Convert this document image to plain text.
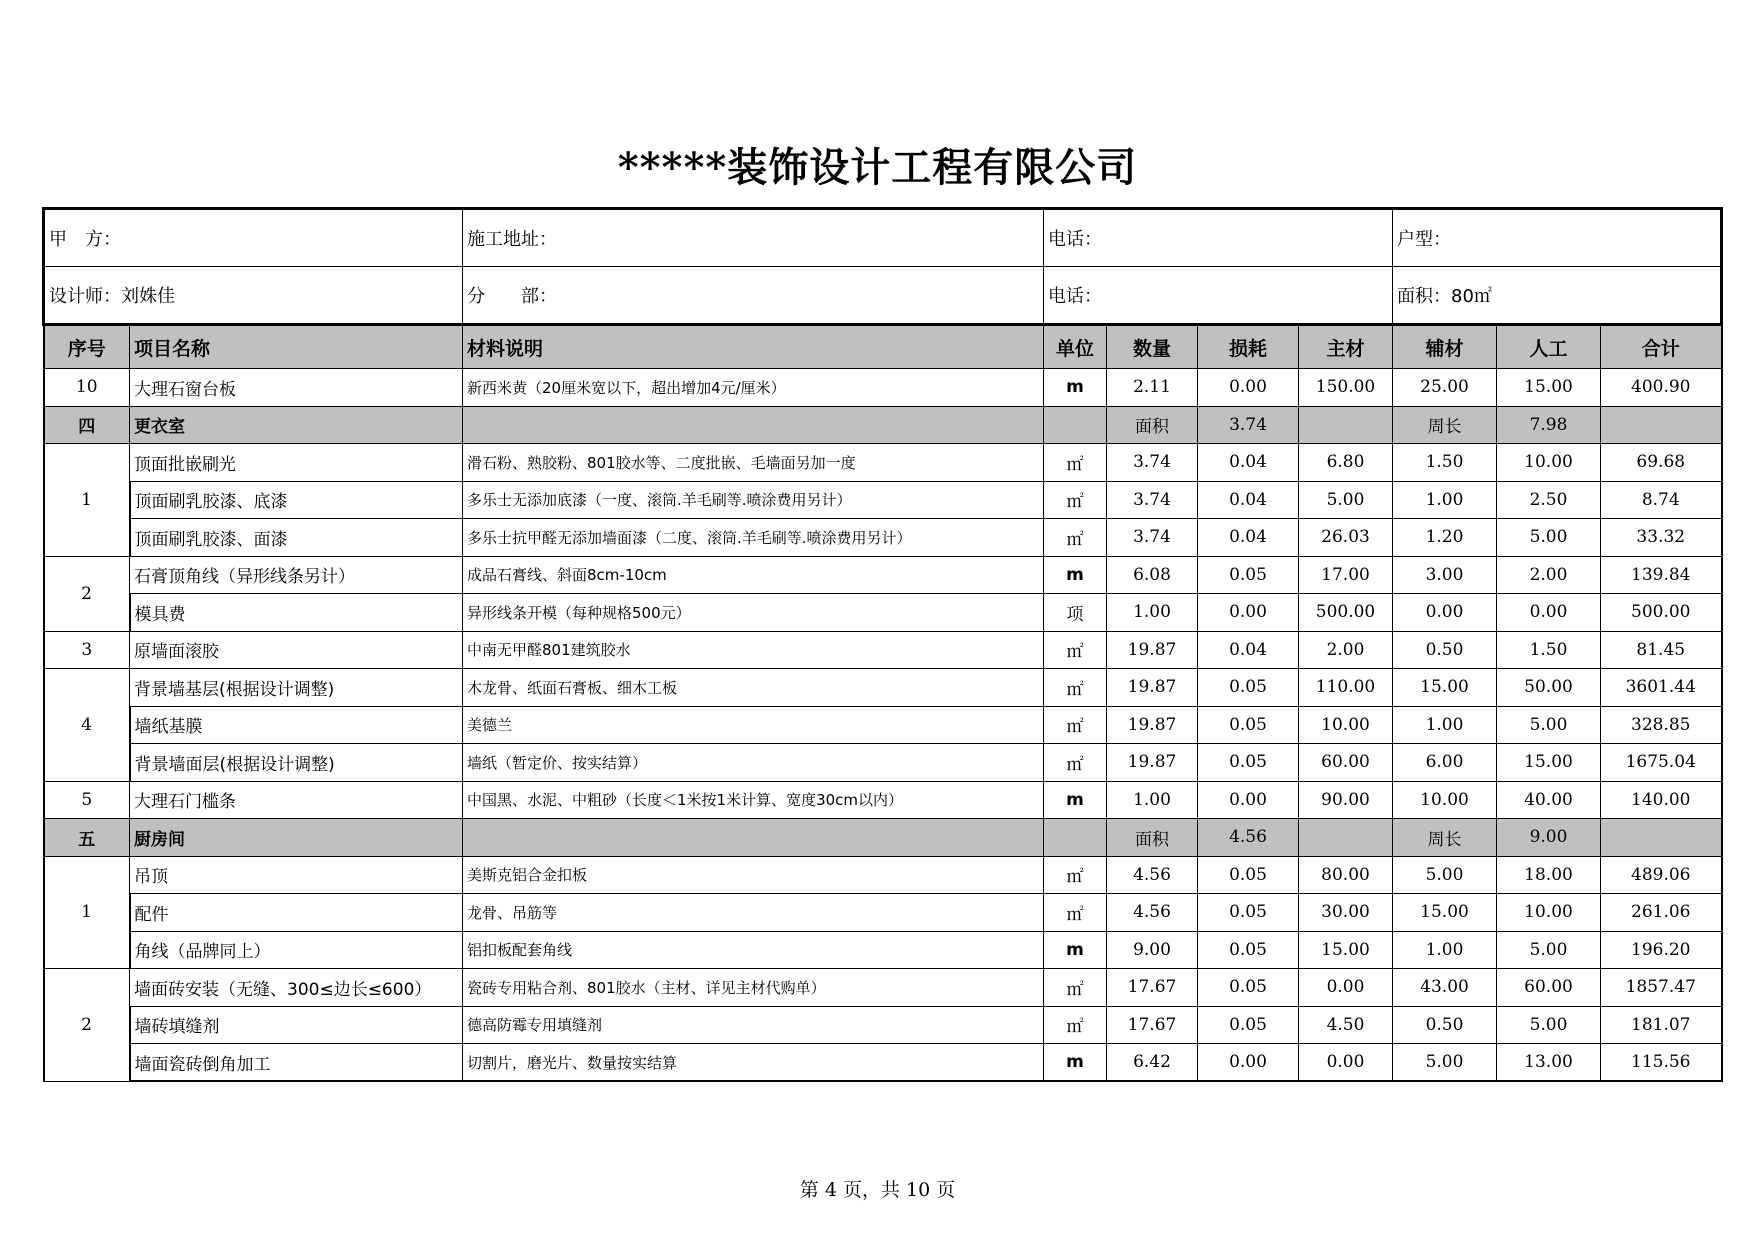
*****装饰设计工程有限公司
甲　方：		施工地址：	电话：				户型：		
设计师：刘姝佳		分　　部：	电话：				面积：80㎡		
序号	项目名称	材料说明	单位	数量	损耗	主材	辅材	人工	合计
10	大理石窗台板	新西米黄（20厘米宽以下，超出增加4元/厘米）	m	2.11	0.00	150.00	25.00	15.00	400.90
四	更衣室			面积	3.74		周长	7.98	
1	顶面批嵌刷光	滑石粉、熟胶粉、801胶水等、二度批嵌、毛墙面另加一度	㎡	3.74	0.04	6.80	1.50	10.00	69.68
	顶面刷乳胶漆、底漆	多乐士无添加底漆（一度、滚筒.羊毛刷等.喷涂费用另计）	㎡	3.74	0.04	5.00	1.00	2.50	8.74
	顶面刷乳胶漆、面漆	多乐士抗甲醛无添加墙面漆（二度、滚筒.羊毛刷等.喷涂费用另计）	㎡	3.74	0.04	26.03	1.20	5.00	33.32
2	石膏顶角线（异形线条另计）	成品石膏线、斜面8cm-10cm	m	6.08	0.05	17.00	3.00	2.00	139.84
	模具费	异形线条开模（每种规格500元）	项	1.00	0.00	500.00	0.00	0.00	500.00
3	原墙面滚胶	中南无甲醛801建筑胶水	㎡	19.87	0.04	2.00	0.50	1.50	81.45
4	背景墙基层(根据设计调整)	木龙骨、纸面石膏板、细木工板	㎡	19.87	0.05	110.00	15.00	50.00	3601.44
	墙纸基膜	美德兰	㎡	19.87	0.05	10.00	1.00	5.00	328.85
	背景墙面层(根据设计调整)	墙纸（暂定价、按实结算）	㎡	19.87	0.05	60.00	6.00	15.00	1675.04
5	大理石门槛条	中国黑、水泥、中粗砂（长度＜1米按1米计算、宽度30cm以内）	m	1.00	0.00	90.00	10.00	40.00	140.00
五	厨房间			面积	4.56		周长	9.00	
1	吊顶	美斯克铝合金扣板	㎡	4.56	0.05	80.00	5.00	18.00	489.06
	配件	龙骨、吊筋等	㎡	4.56	0.05	30.00	15.00	10.00	261.06
	角线（品牌同上）	铝扣板配套角线	m	9.00	0.05	15.00	1.00	5.00	196.20
2	墙面砖安装（无缝、300≤边长≤600）	瓷砖专用粘合剂、801胶水（主材、详见主材代购单）	㎡	17.67	0.05	0.00	43.00	60.00	1857.47
	墙砖填缝剂	德高防霉专用填缝剂	㎡	17.67	0.05	4.50	0.50	5.00	181.07
	墙面瓷砖倒角加工	切割片，磨光片、数量按实结算	m	6.42	0.00	0.00	5.00	13.00	115.56
第 4 页，共 10 页
